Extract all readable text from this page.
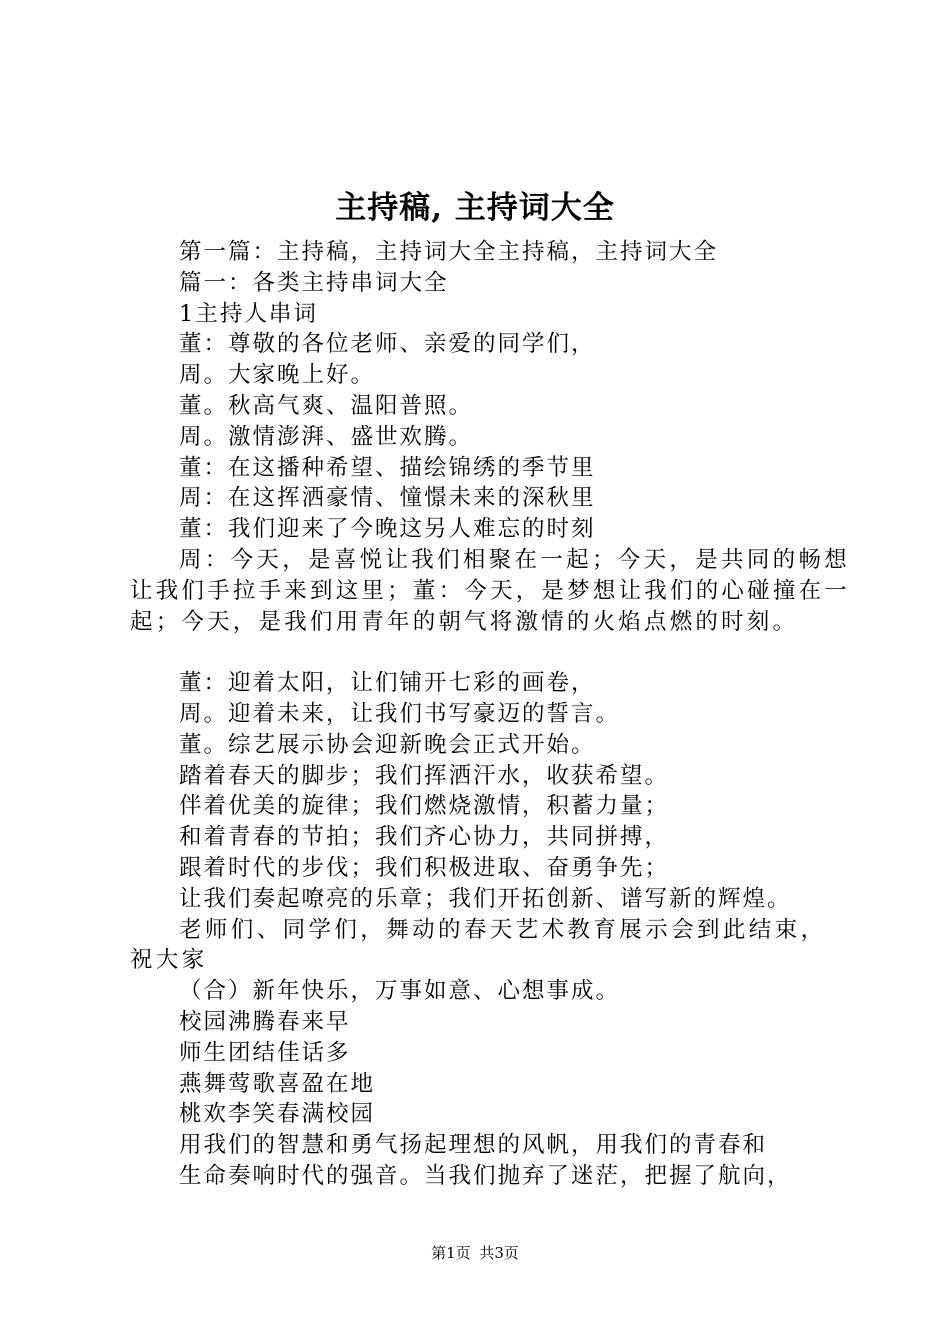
主持稿, 主持词大全
第一篇：主持稿，主持词大全主持稿，主持词大全
篇一：各类主持串词大全
1主持人串词
董：尊敬的各位老师、亲爱的同学们，
周。大家晚上好。
董。秋高气爽、温阳普照。
周。激情澎湃、盛世欢腾。
董：在这播种希望、描绘锦绣的季节里
周：在这挥洒豪情、憧憬未来的深秋里
董：我们迎来了今晚这另人难忘的时刻
周：今天，是喜悦让我们相聚在一起；今天，是共同的畅想让我们手拉手来到这里；董：今天，是梦想让我们的心碰撞在一起；今天，是我们用青年的朝气将激情的火焰点燃的时刻。
董：迎着太阳，让们铺开七彩的画卷，
周。迎着未来，让我们书写豪迈的誓言。
董。综艺展示协会迎新晚会正式开始。
踏着春天的脚步；我们挥洒汗水，收获希望。
伴着优美的旋律；我们燃烧激情，积蓄力量；
和着青春的节拍；我们齐心协力，共同拼搏，
跟着时代的步伐；我们积极进取、奋勇争先；
让我们奏起嘹亮的乐章；我们开拓创新、谱写新的辉煌。
老师们、同学们，舞动的春天艺术教育展示会到此结束，祝大家
（合）新年快乐，万事如意、心想事成。
校园沸腾春来早
师生团结佳话多
燕舞莺歌喜盈在地
桃欢李笑春满校园
用我们的智慧和勇气扬起理想的风帆，用我们的青春和
生命奏响时代的强音。当我们抛弃了迷茫，把握了航向，
第1页 共3页
